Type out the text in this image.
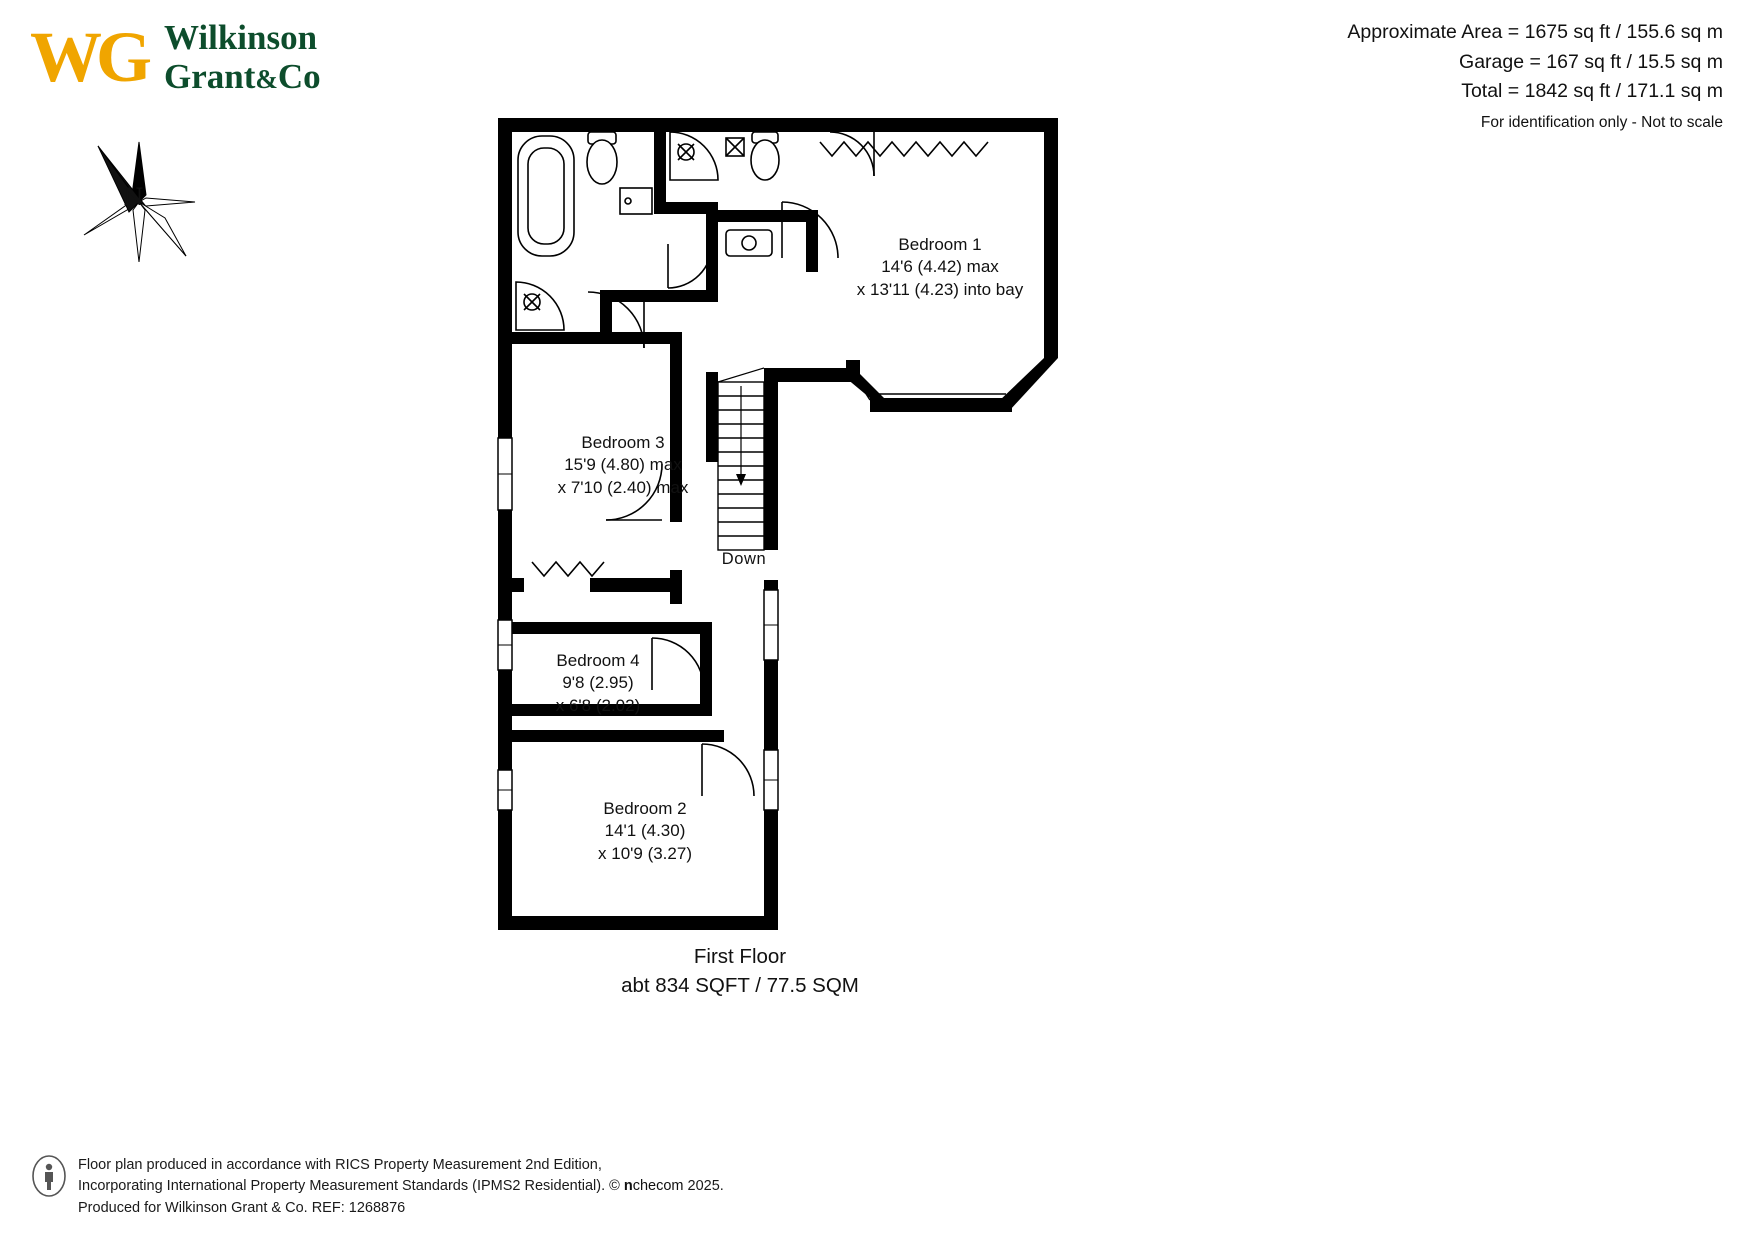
WG Wilkinson
Grant&Co
N
Approximate Area = 1675 sq ft / 155.6 sq m
Garage = 167 sq ft / 15.5 sq m
Total = 1842 sq ft / 171.1 sq m
For identification only - Not to scale
Bedroom 1
14'6 (4.42) max
x 13'11 (4.23) into bay
Bedroom 3
15'9 (4.80) max
x 7'10 (2.40) max
Bedroom 4
9'8 (2.95)
x 6'8 (2.02)
Bedroom 2
14'1 (4.30)
x 10'9 (3.27)
Down
First Floor
abt 834 SQFT / 77.5 SQM
Floor plan produced in accordance with RICS Property Measurement 2nd Edition,
Incorporating International Property Measurement Standards (IPMS2 Residential). © nchecom 2025.
Produced for Wilkinson Grant & Co. REF: 1268876
